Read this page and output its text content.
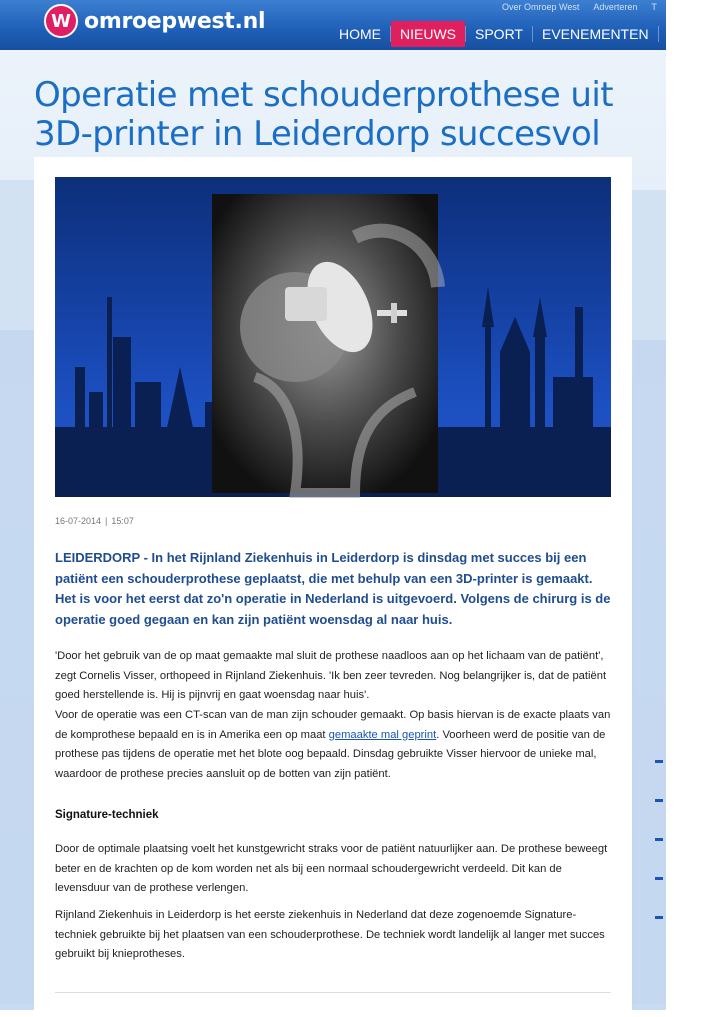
W omroepwest.nl
Over Omroep West Adverteren T
HOME	NIEUWS	SPORT	EVENEMENTEN	PRO
Operatie met schouderprothese uit 3D-printer in Leiderdorp succesvol
16-07-2014 | 15:07

LEIDERDORP - In het Rijnland Ziekenhuis in Leiderdorp is dinsdag met succes bij een patiënt een schouderprothese geplaatst, die met behulp van een 3D-printer is gemaakt. Het is voor het eerst dat zo'n operatie in Nederland is uitgevoerd. Volgens de chirurg is de operatie goed gegaan en kan zijn patiënt woensdag al naar huis.

'Door het gebruik van de op maat gemaakte mal sluit de prothese naadloos aan op het lichaam van de patiënt', zegt Cornelis Visser, orthopeed in Rijnland Ziekenhuis. 'Ik ben zeer tevreden. Nog belangrijker is, dat de patiënt goed herstellende is. Hij is pijnvrij en gaat woensdag naar huis'.

Voor de operatie was een CT-scan van de man zijn schouder gemaakt. Op basis hiervan is de exacte plaats van de komprothese bepaald en is in Amerika een op maat gemaakte mal geprint. Voorheen werd de positie van de prothese pas tijdens de operatie met het blote oog bepaald. Dinsdag gebruikte Visser hiervoor de unieke mal, waardoor de prothese precies aansluit op de botten van zijn patiënt.

Signature-techniek

Door de optimale plaatsing voelt het kunstgewricht straks voor de patiënt natuurlijker aan. De prothese beweegt beter en de krachten op de kom worden net als bij een normaal schoudergewricht verdeeld. Dit kan de levensduur van de prothese verlengen.

Rijnland Ziekenhuis in Leiderdorp is het eerste ziekenhuis in Nederland dat deze zogenoemde Signature-techniek gebruikte bij het plaatsen van een schouderprothese. De techniek wordt landelijk al langer met succes gebruikt bij knieprotheses.
